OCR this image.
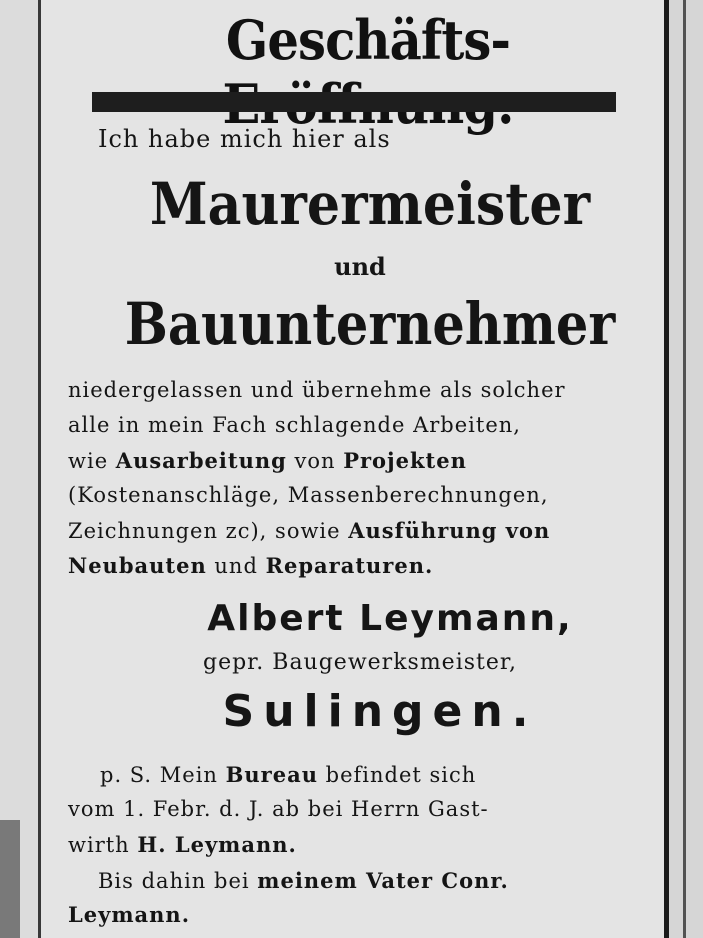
Geschäfts-
Ich habe mich hier als
Maurermeister
und
Bauunternehmer
niedergelassen und übernehme als solcher
alle in mein Fach schlagende Arbeiten,
wie Ausarbeitung von Projekten
(Kostenanschläge, Massenberechnungen,
Zeichnungen zc), sowie Ausführung von
Neubauten und Reparaturen.
Albert Leymann,
gepr. Baugewerksmeister,
Sulingen.
p. S. Mein Bureau befindet sich
vom 1. Febr. d. J. ab bei Herrn Gast-
wirth H. Leymann.
Bis dahin bei meinem Vater Conr.
Leymann.
